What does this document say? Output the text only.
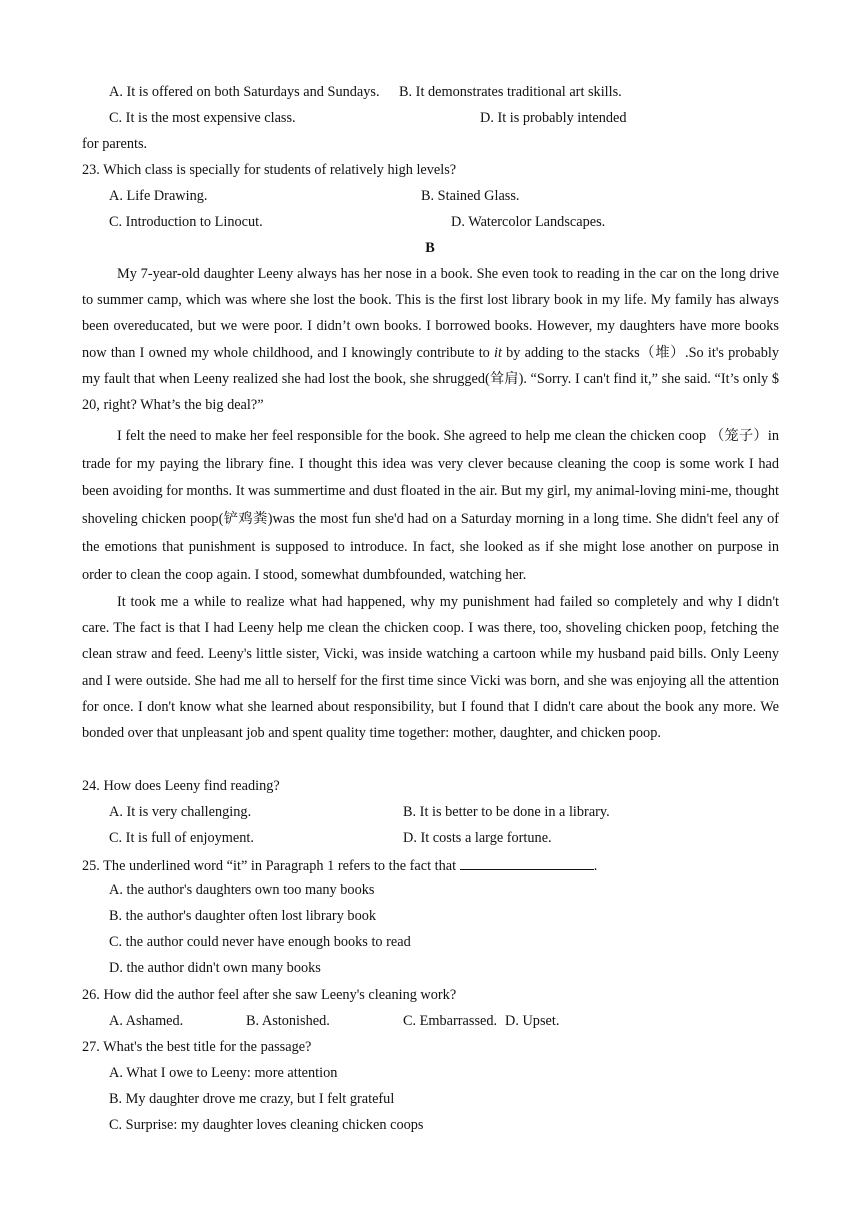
A. It is offered on both Saturdays and Sundays. B. It demonstrates traditional art skills.
C. It is the most expensive class.	D. It is probably intended
for parents.
23. Which class is specially for students of relatively high levels?
A. Life Drawing.	B. Stained Glass.
C. Introduction to Linocut.	D. Watercolor Landscapes.
B
My 7-year-old daughter Leeny always has her nose in a book. She even took to reading in the car on the long drive to summer camp, which was where she lost the book. This is the first lost library book in my life. My family has always been overeducated, but we were poor. I didn’t own books. I borrowed books. However, my daughters have more books now than I owned my whole childhood, and I knowingly contribute to it by adding to the stacks（堆）.So it's probably my fault that when Leeny realized she had lost the book, she shrugged(耸肩). “Sorry. I can't find it,” she said. “It’s only $ 20, right? What’s the big deal?”
I felt the need to make her feel responsible for the book. She agreed to help me clean the chicken coop （笼子）in trade for my paying the library fine. I thought this idea was very clever because cleaning the coop is some work I had been avoiding for months. It was summertime and dust floated in the air. But my girl, my animal-loving mini-me, thought shoveling chicken poop(铲鸡粪)was the most fun she'd had on a Saturday morning in a long time. She didn't feel any of the emotions that punishment is supposed to introduce. In fact, she looked as if she might lose another on purpose in order to clean the coop again. I stood, somewhat dumbfounded, watching her.
It took me a while to realize what had happened, why my punishment had failed so completely and why I didn't care. The fact is that I had Leeny help me clean the chicken coop. I was there, too, shoveling chicken poop, fetching the clean straw and feed. Leeny's little sister, Vicki, was inside watching a cartoon while my husband paid bills. Only Leeny and I were outside. She had me all to herself for the first time since Vicki was born, and she was enjoying all the attention for once. I don't know what she learned about responsibility, but I found that I didn't care about the book any more. We bonded over that unpleasant job and spent quality time together: mother, daughter, and chicken poop.
24. How does Leeny find reading?
A. It is very challenging.	B. It is better to be done in a library.
C. It is full of enjoyment.	D. It costs a large fortune.
25. The underlined word “it” in Paragraph 1 refers to the fact that	.
A. the author's daughters own too many books
B. the author's daughter often lost library book
C. the author could never have enough books to read
D. the author didn't own many books
26. How did the author feel after she saw Leeny's cleaning work?
A. Ashamed.	B. Astonished.	C. Embarrassed. D. Upset.
27. What's the best title for the passage?
A. What I owe to Leeny: more attention
B. My daughter drove me crazy, but I felt grateful
C. Surprise: my daughter loves cleaning chicken coops
